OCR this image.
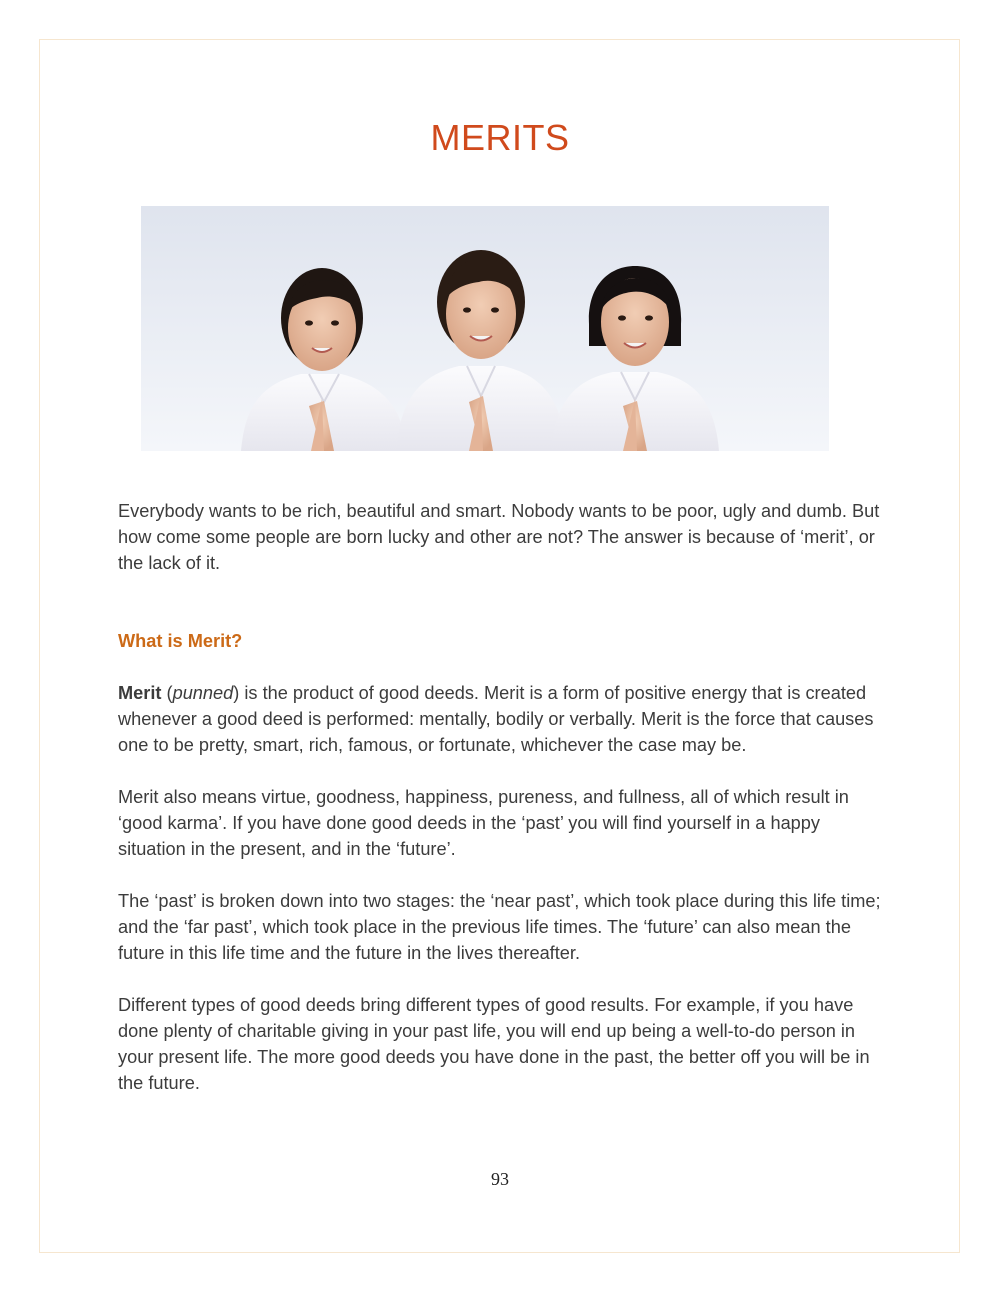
MERITS

Everybody wants to be rich, beautiful and smart. Nobody wants to be poor, ugly and dumb. But how come some people are born lucky and other are not? The answer is because of ‘merit’, or the lack of it.

What is Merit?

Merit (punned) is the product of good deeds. Merit is a form of positive energy that is created whenever a good deed is performed: mentally, bodily or verbally. Merit is the force that causes one to be pretty, smart, rich, famous, or fortunate, whichever the case may be.

Merit also means virtue, goodness, happiness, pureness, and fullness, all of which result in ‘good karma’. If you have done good deeds in the ‘past’ you will find yourself in a happy situation in the present, and in the ‘future’.

The ‘past’ is broken down into two stages: the ‘near past’, which took place during this life time; and the ‘far past’, which took place in the previous life times. The ‘future’ can also mean the future in this life time and the future in the lives thereafter.

Different types of good deeds bring different types of good results. For example, if you have done plenty of charitable giving in your past life, you will end up being a well-to-do person in your present life. The more good deeds you have done in the past, the better off you will be in the future.

93
